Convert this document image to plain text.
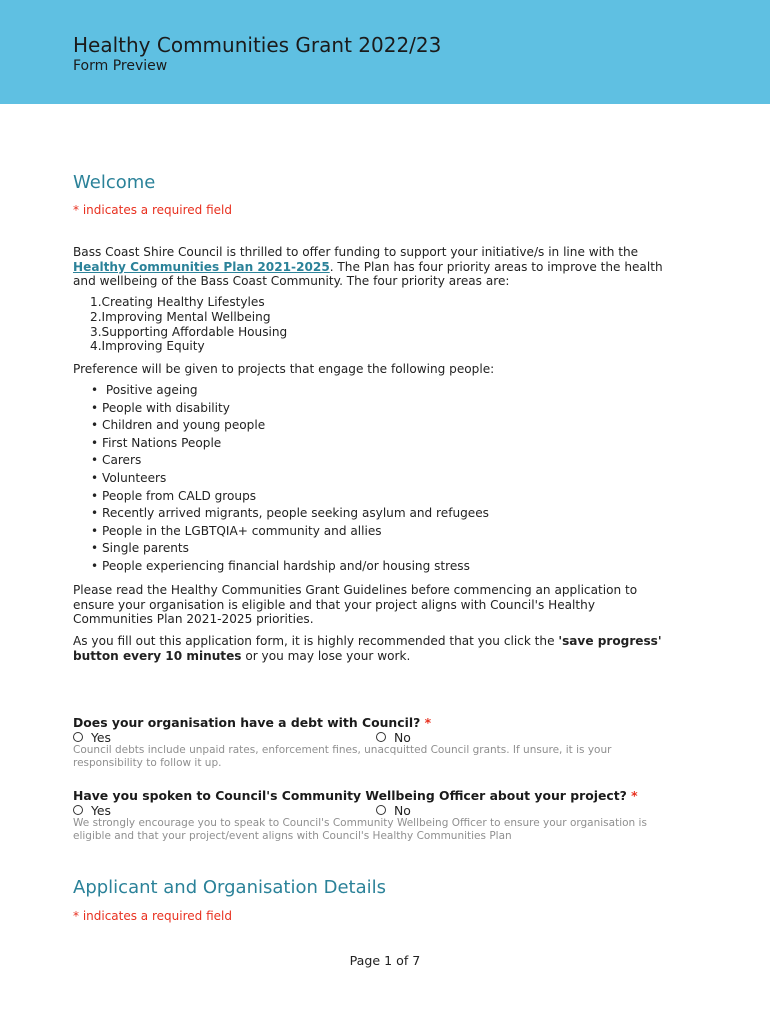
Healthy Communities Grant 2022/23
Form Preview
Welcome
* indicates a required field
Bass Coast Shire Council is thrilled to offer funding to support your initiative/s in line with the Healthy Communities Plan 2021-2025. The Plan has four priority areas to improve the health and wellbeing of the Bass Coast Community. The four priority areas are:
1.Creating Healthy Lifestyles
2.Improving Mental Wellbeing
3.Supporting Affordable Housing
4.Improving Equity
Preference will be given to projects that engage the following people:
• Positive ageing
• People with disability
• Children and young people
• First Nations People
• Carers
• Volunteers
• People from CALD groups
• Recently arrived migrants, people seeking asylum and refugees
• People in the LGBTQIA+ community and allies
• Single parents
• People experiencing financial hardship and/or housing stress
Please read the Healthy Communities Grant Guidelines before commencing an application to ensure your organisation is eligible and that your project aligns with Council's Healthy Communities Plan 2021-2025 priorities.
As you fill out this application form, it is highly recommended that you click the 'save progress' button every 10 minutes or you may lose your work.
Does your organisation have a debt with Council? *
Yes	No
Council debts include unpaid rates, enforcement fines, unacquitted Council grants. If unsure, it is your responsibility to follow it up.
Have you spoken to Council's Community Wellbeing Officer about your project? *
Yes	No
We strongly encourage you to speak to Council's Community Wellbeing Officer to ensure your organisation is eligible and that your project/event aligns with Council's Healthy Communities Plan
Applicant and Organisation Details
* indicates a required field
Page 1 of 7
